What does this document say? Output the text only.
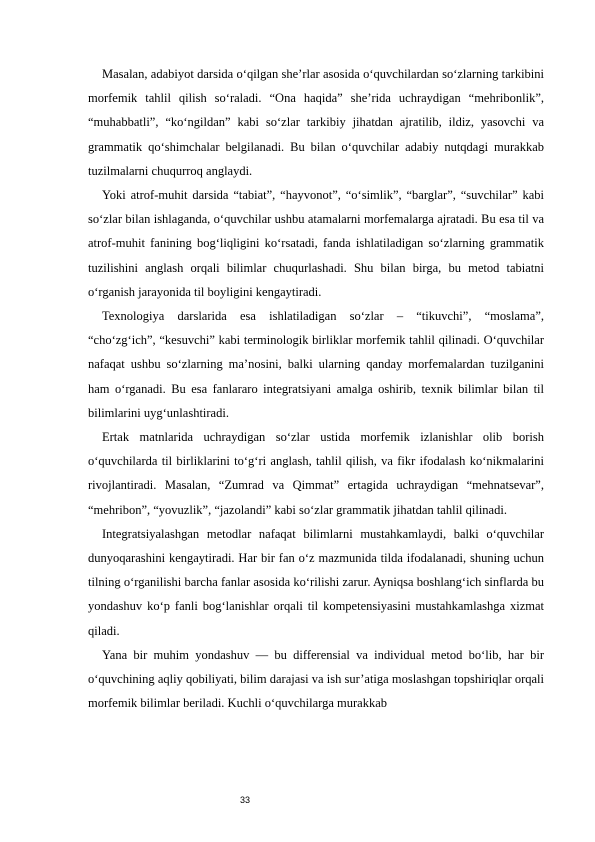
Masalan, adabiyot darsida o‘qilgan she’rlar asosida o‘quvchilardan so‘zlarning tarkibini morfemik tahlil qilish so‘raladi. “Ona haqida” she’rida uchraydigan “mehribonlik”, “muhabbatli”, “ko‘ngildan” kabi so‘zlar tarkibiy jihatdan ajratilib, ildiz, yasovchi va grammatik qo‘shimchalar belgilanadi. Bu bilan o‘quvchilar adabiy nutqdagi murakkab tuzilmalarni chuqurroq anglaydi.

Yoki atrof-muhit darsida “tabiat”, “hayvonot”, “o‘simlik”, “barglar”, “suvchilar” kabi so‘zlar bilan ishlaganda, o‘quvchilar ushbu atamalarni morfemalarga ajratadi. Bu esa til va atrof-muhit fanining bog‘liqligini ko‘rsatadi, fanda ishlatiladigan so‘zlarning grammatik tuzilishini anglash orqali bilimlar chuqurlashadi. Shu bilan birga, bu metod tabiatni o‘rganish jarayonida til boyligini kengaytiradi.

Texnologiya darslarida esa ishlatiladigan so‘zlar – “tikuvchi”, “moslama”, “cho‘zg‘ich”, “kesuvchi” kabi terminologik birliklar morfemik tahlil qilinadi. O‘quvchilar nafaqat ushbu so‘zlarning ma’nosini, balki ularning qanday morfemalardan tuzilganini ham o‘rganadi. Bu esa fanlararo integratsiyani amalga oshirib, texnik bilimlar bilan til bilimlarini uyg‘unlashtiradi.

Ertak matnlarida uchraydigan so‘zlar ustida morfemik izlanishlar olib borish o‘quvchilarda til birliklarini to‘g‘ri anglash, tahlil qilish, va fikr ifodalash ko‘nikmalarini rivojlantiradi. Masalan, “Zumrad va Qimmat” ertagida uchraydigan “mehnatsevar”, “mehribon”, “yovuzlik”, “jazolandi” kabi so‘zlar grammatik jihatdan tahlil qilinadi.

Integratsiyalashgan metodlar nafaqat bilimlarni mustahkamlaydi, balki o‘quvchilar dunyoqarashini kengaytiradi. Har bir fan o‘z mazmunida tilda ifodalanadi, shuning uchun tilning o‘rganilishi barcha fanlar asosida ko‘rilishi zarur. Ayniqsa boshlang‘ich sinflarda bu yondashuv ko‘p fanli bog‘lanishlar orqali til kompetensiyasini mustahkamlashga xizmat qiladi.

Yana bir muhim yondashuv — bu differensial va individual metod bo‘lib, har bir o‘quvchining aqliy qobiliyati, bilim darajasi va ish sur’atiga moslashgan topshiriqlar orqali morfemik bilimlar beriladi. Kuchli o‘quvchilarga murakkab

33
